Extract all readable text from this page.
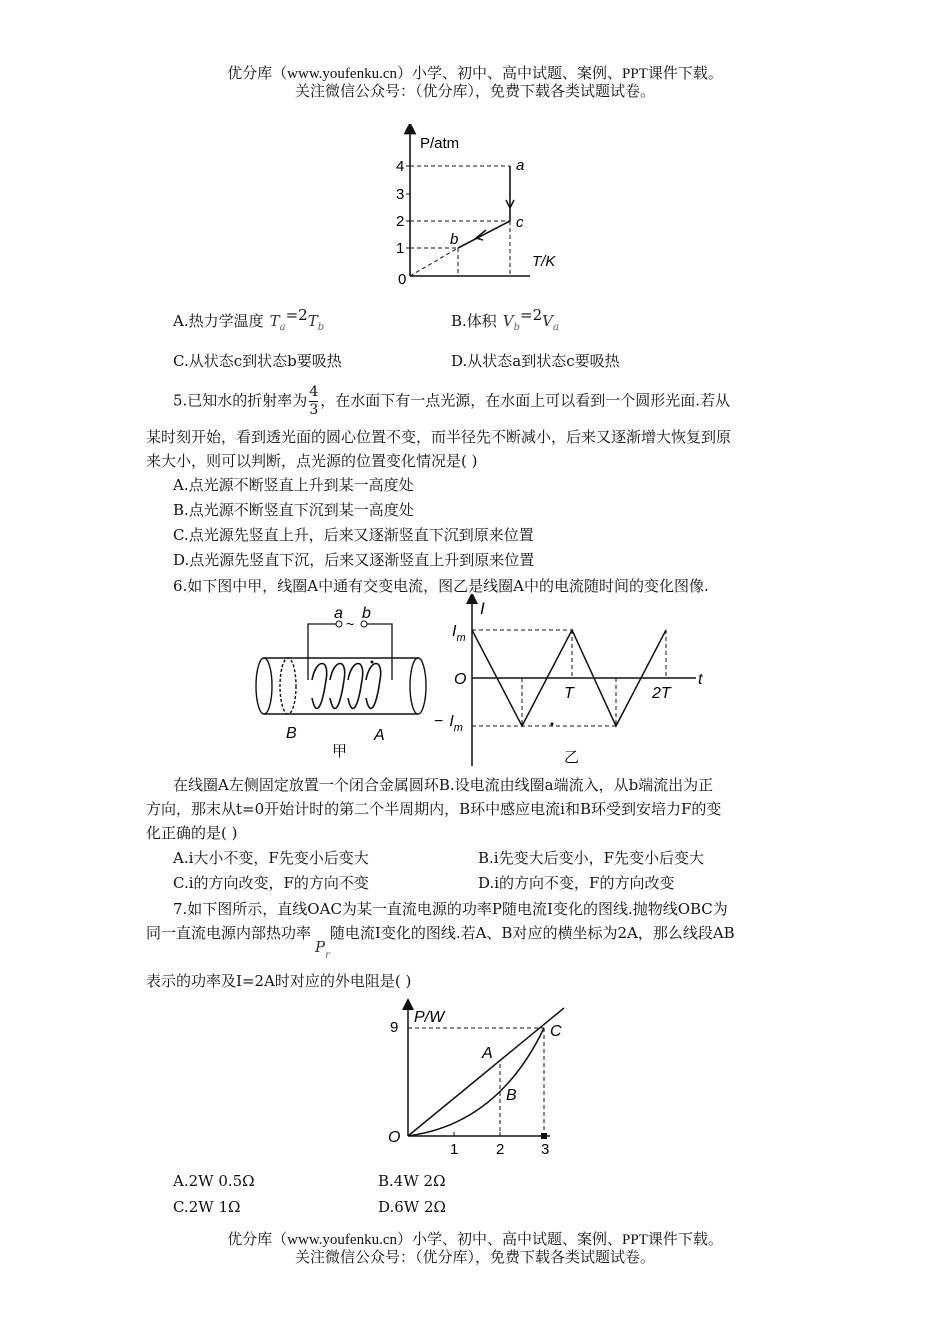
优分库（www.youfenku.cn）小学、初中、高中试题、案例、PPT课件下载。
关注微信公众号：（优分库），免费下载各类试题试卷。
4
3
2
1
0
P/atm
T/K
a
c
b
A.热力学温度 $T_a=2T_b$	B.体积 $V_b=2V_a$
C.从状态c到状态b要吸热	D.从状态a到状态c要吸热
5.已知水的折射率为 $\frac{4}{3}$ ，在水面下有一点光源，在水面上可以看到一个圆形光面.若从
某时刻开始，看到透光面的圆心位置不变，而半径先不断减小，后来又逐渐增大恢复到原
来大小，则可以判断，点光源的位置变化情况是( )
A.点光源不断竖直上升到某一高度处
B.点光源不断竖直下沉到某一高度处
C.点光源先竖直上升，后来又逐渐竖直下沉到原来位置
D.点光源先竖直下沉，后来又逐渐竖直上升到原来位置
6.如下图中甲，线圈A中通有交变电流，图乙是线圈A中的电流随时间的变化图像.
a b
~
B	A
甲
I
t
$I_m$
− $I_m$
O
T	2T
乙
在线圈A左侧固定放置一个闭合金属圆环B.设电流由线圈a端流入，从b端流出为正
方向，那末从t=0开始计时的第二个半周期内，B环中感应电流i和B环受到安培力F的变
化正确的是( )
A.i大小不变，F先变小后变大	B.i先变大后变小，F先变小后变大
C.i的方向改变，F的方向不变	D.i的方向不变，F的方向改变
7.如下图所示，直线OAC为某一直流电源的功率P随电流I变化的图线.抛物线OBC为
同一直流电源内部热功率$P_r$随电流I变化的图线.若A、B对应的横坐标为2A，那么线段AB
表示的功率及I=2A时对应的外电阻是( )
P/W
9
O
1	2 3
A
B
C
A.2W 0.5Ω	B.4W 2Ω
C.2W 1Ω	D.6W 2Ω
优分库（www.youfenku.cn）小学、初中、高中试题、案例、PPT课件下载。
关注微信公众号：（优分库），免费下载各类试题试卷。
